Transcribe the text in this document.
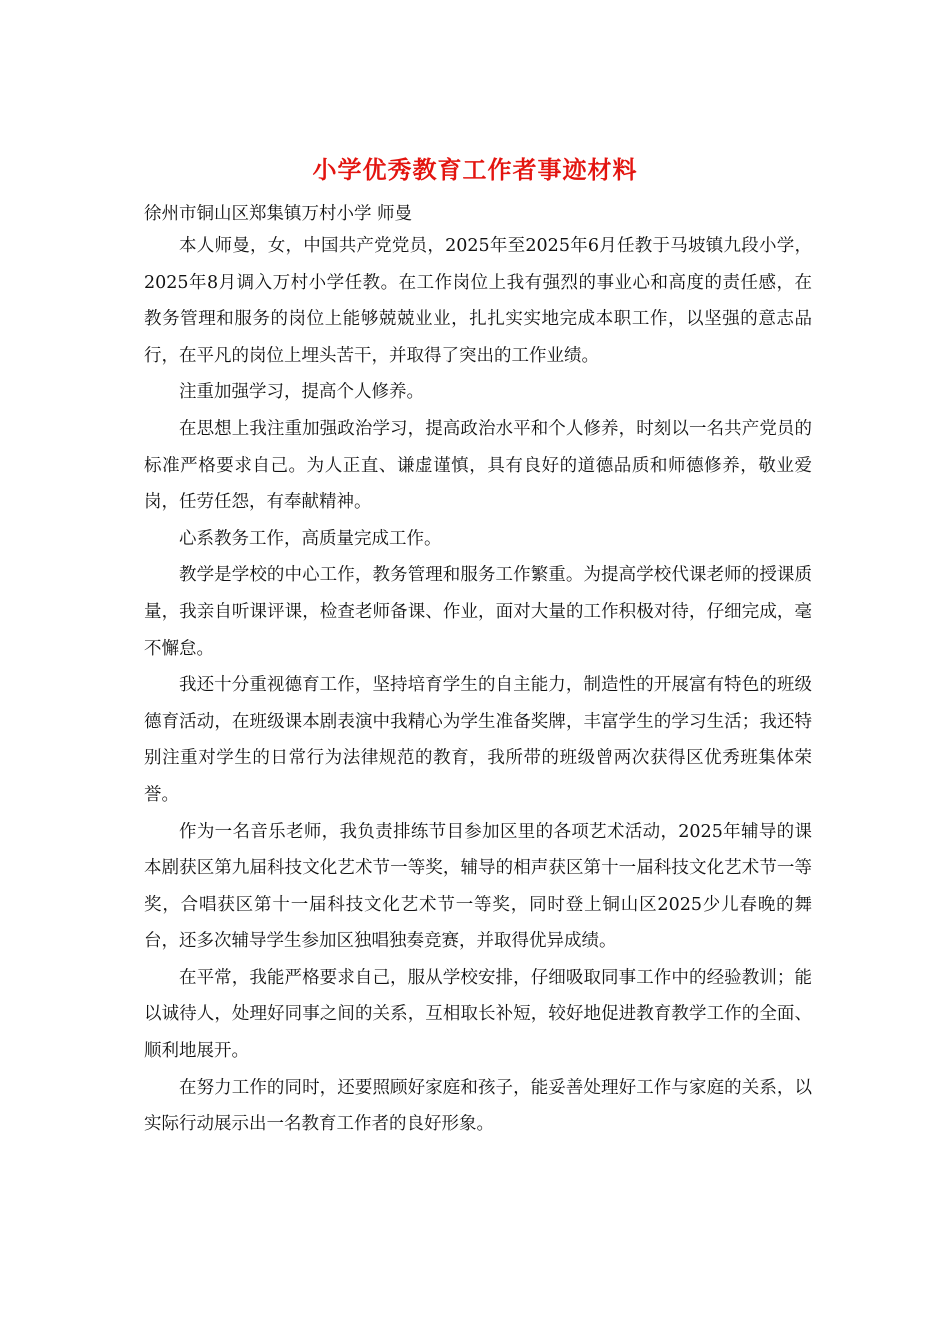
小学优秀教育工作者事迹材料
徐州市铜山区郑集镇万村小学 师曼

本人师曼，女，中国共产党党员，2025年至2025年6月任教于马坡镇九段小学，2025年8月调入万村小学任教。在工作岗位上我有强烈的事业心和高度的责任感，在教务管理和服务的岗位上能够兢兢业业，扎扎实实地完成本职工作，以坚强的意志品行，在平凡的岗位上埋头苦干，并取得了突出的工作业绩。

注重加强学习，提高个人修养。

在思想上我注重加强政治学习，提高政治水平和个人修养，时刻以一名共产党员的标准严格要求自己。为人正直、谦虚谨慎，具有良好的道德品质和师德修养，敬业爱岗，任劳任怨，有奉献精神。

心系教务工作，高质量完成工作。

教学是学校的中心工作，教务管理和服务工作繁重。为提高学校代课老师的授课质量，我亲自听课评课，检查老师备课、作业，面对大量的工作积极对待，仔细完成，毫不懈怠。

我还十分重视德育工作，坚持培育学生的自主能力，制造性的开展富有特色的班级德育活动，在班级课本剧表演中我精心为学生准备奖牌，丰富学生的学习生活；我还特别注重对学生的日常行为法律规范的教育，我所带的班级曾两次获得区优秀班集体荣誉。

作为一名音乐老师，我负责排练节目参加区里的各项艺术活动，2025年辅导的课本剧获区第九届科技文化艺术节一等奖，辅导的相声获区第十一届科技文化艺术节一等奖，合唱获区第十一届科技文化艺术节一等奖，同时登上铜山区2025少儿春晚的舞台，还多次辅导学生参加区独唱独奏竞赛，并取得优异成绩。

在平常，我能严格要求自己，服从学校安排，仔细吸取同事工作中的经验教训；能以诚待人，处理好同事之间的关系，互相取长补短，较好地促进教育教学工作的全面、顺利地展开。

在努力工作的同时，还要照顾好家庭和孩子，能妥善处理好工作与家庭的关系，以实际行动展示出一名教育工作者的良好形象。
